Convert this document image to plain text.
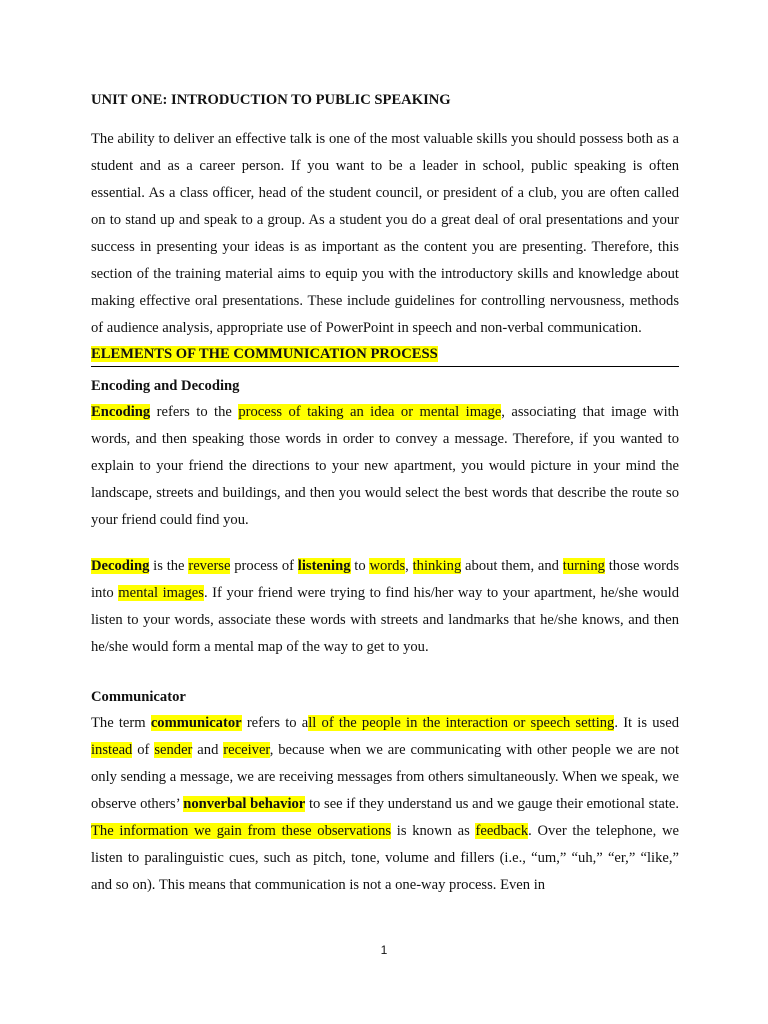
UNIT ONE: INTRODUCTION TO PUBLIC SPEAKING

The ability to deliver an effective talk is one of the most valuable skills you should possess both as a student and as a career person. If you want to be a leader in school, public speaking is often essential. As a class officer, head of the student council, or president of a club, you are often called on to stand up and speak to a group. As a student you do a great deal of oral presentations and your success in presenting your ideas is as important as the content you are presenting. Therefore, this section of the training material aims to equip you with the introductory skills and knowledge about making effective oral presentations. These include guidelines for controlling nervousness, methods of audience analysis, appropriate use of PowerPoint in speech and non-verbal communication.

ELEMENTS OF THE COMMUNICATION PROCESS
Encoding and Decoding

Encoding refers to the process of taking an idea or mental image, associating that image with words, and then speaking those words in order to convey a message. Therefore, if you wanted to explain to your friend the directions to your new apartment, you would picture in your mind the landscape, streets and buildings, and then you would select the best words that describe the route so your friend could find you.

Decoding is the reverse process of listening to words, thinking about them, and turning those words into mental images. If your friend were trying to find his/her way to your apartment, he/she would listen to your words, associate these words with streets and landmarks that he/she knows, and then he/she would form a mental map of the way to get to you.

Communicator

The term communicator refers to all of the people in the interaction or speech setting. It is used instead of sender and receiver, because when we are communicating with other people we are not only sending a message, we are receiving messages from others simultaneously. When we speak, we observe others’ nonverbal behavior to see if they understand us and we gauge their emotional state. The information we gain from these observations is known as feedback. Over the telephone, we listen to paralinguistic cues, such as pitch, tone, volume and fillers (i.e., “um,” “uh,” “er,” “like,” and so on). This means that communication is not a one-way process. Even in

1
